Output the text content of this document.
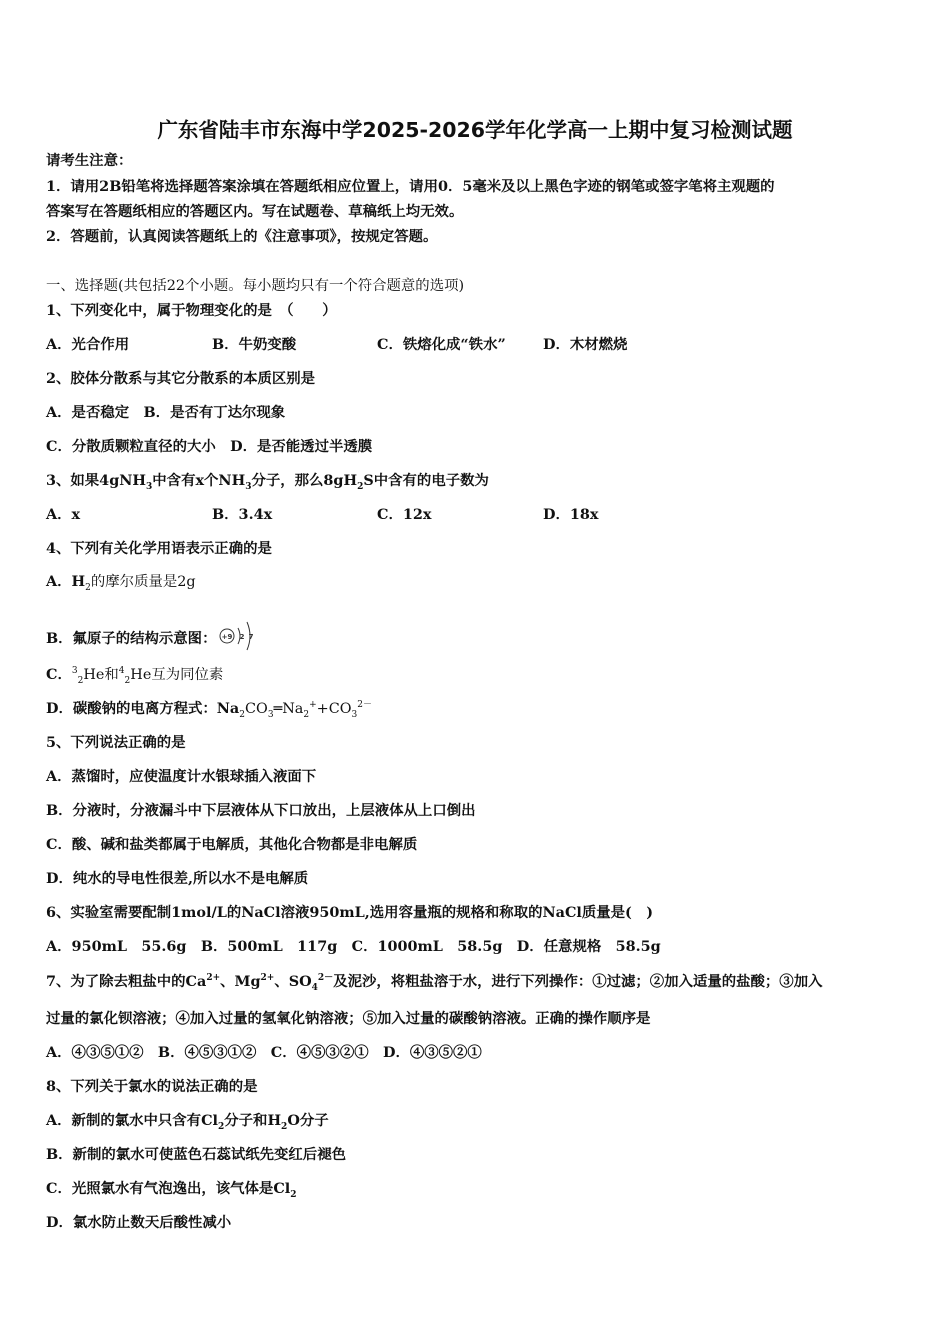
广东省陆丰市东海中学2025-2026学年化学高一上期中复习检测试题
请考生注意：
1．请用2B铅笔将选择题答案涂填在答题纸相应位置上，请用0．5毫米及以上黑色字迹的钢笔或签字笔将主观题的
答案写在答题纸相应的答题区内。写在试题卷、草稿纸上均无效。
2．答题前，认真阅读答题纸上的《注意事项》，按规定答题。
一、选择题(共包括22个小题。每小题均只有一个符合题意的选项)
1、下列变化中，属于物理变化的是　（　　）
A．光合作用	B．牛奶变酸	C．铁熔化成“铁水”	D．木材燃烧
2、胶体分散系与其它分散系的本质区别是
A．是否稳定　B．是否有丁达尔现象
C．分散质颗粒直径的大小　D．是否能透过半透膜
3、如果4gNH$_3$中含有x个$NH_3$分子，那么$8gH_2S$中含有的电子数为
A．x	B．3.4x	C．12x	D．18x
4、下列有关化学用语表示正确的是
A．$H_2$的摩尔质量是2g
B．氟原子的结构示意图： +9 2 7
C．$^3_2$He和$^4_2$He互为同位素
D．碳酸钠的电离方程式：$Na_2CO_3═Na_2^++CO_3^{2-}$
5、下列说法正确的是
A．蒸馏时，应使温度计水银球插入液面下
B．分液时，分液漏斗中下层液体从下口放出，上层液体从上口倒出
C．酸、碱和盐类都属于电解质，其他化合物都是非电解质
D．纯水的导电性很差,所以水不是电解质
6、实验室需要配制1mol/L的NaCl溶液950mL,选用容量瓶的规格和称取的NaCl质量是(　)
A．950mL　55.6g　B．500mL　117g　C．1000mL　58.5g　D．任意规格　58.5g
7、为了除去粗盐中的$Ca^{2+}$、$Mg^{2+}$、$SO_4^{2-}$及泥沙，将粗盐溶于水，进行下列操作：①过滤；②加入适量的盐酸；③加入
过量的氯化钡溶液；④加入过量的氢氧化钠溶液；⑤加入过量的碳酸钠溶液。正确的操作顺序是
A．④③⑤①②　B．④⑤③①②　C．④⑤③②①　D．④③⑤②①
8、下列关于氯水的说法正确的是
A．新制的氯水中只含有$Cl_2$分子和$H_2O$分子
B．新制的氯水可使蓝色石蕊试纸先变红后褪色
C．光照氯水有气泡逸出，该气体是$Cl_2$
D．氯水防止数天后酸性减小
